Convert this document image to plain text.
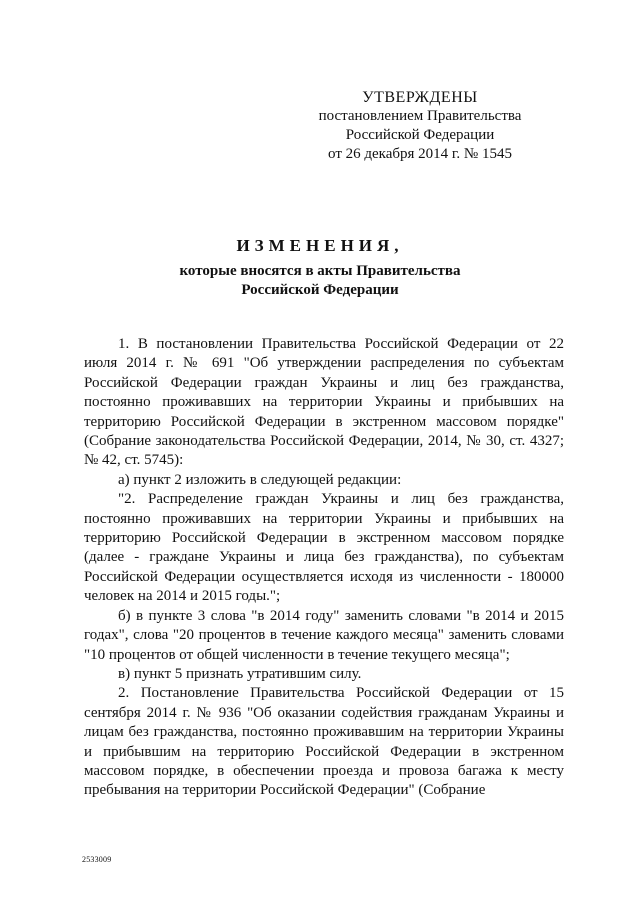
УТВЕРЖДЕНЫ
постановлением Правительства
Российской Федерации
от 26 декабря 2014 г. № 1545
ИЗМЕНЕНИЯ,
которые вносятся в акты Правительства
Российской Федерации

1. В постановлении Правительства Российской Федерации от 22 июля 2014 г. № 691 "Об утверждении распределения по субъектам Российской Федерации граждан Украины и лиц без гражданства, постоянно проживавших на территории Украины и прибывших на территорию Российской Федерации в экстренном массовом порядке" (Собрание законодательства Российской Федерации, 2014, № 30, ст. 4327; № 42, ст. 5745):

а) пункт 2 изложить в следующей редакции:

"2. Распределение граждан Украины и лиц без гражданства, постоянно проживавших на территории Украины и прибывших на территорию Российской Федерации в экстренном массовом порядке (далее - граждане Украины и лица без гражданства), по субъектам Российской Федерации осуществляется исходя из численности - 180000 человек на 2014 и 2015 годы.";

б) в пункте 3 слова "в 2014 году" заменить словами "в 2014 и 2015 годах", слова "20 процентов в течение каждого месяца" заменить словами "10 процентов от общей численности в течение текущего месяца";

в) пункт 5 признать утратившим силу.

2. Постановление Правительства Российской Федерации от 15 сентября 2014 г. № 936 "Об оказании содействия гражданам Украины и лицам без гражданства, постоянно проживавшим на территории Украины и прибывшим на территорию Российской Федерации в экстренном массовом порядке, в обеспечении проезда и провоза багажа к месту пребывания на территории Российской Федерации" (Собрание

2533009
